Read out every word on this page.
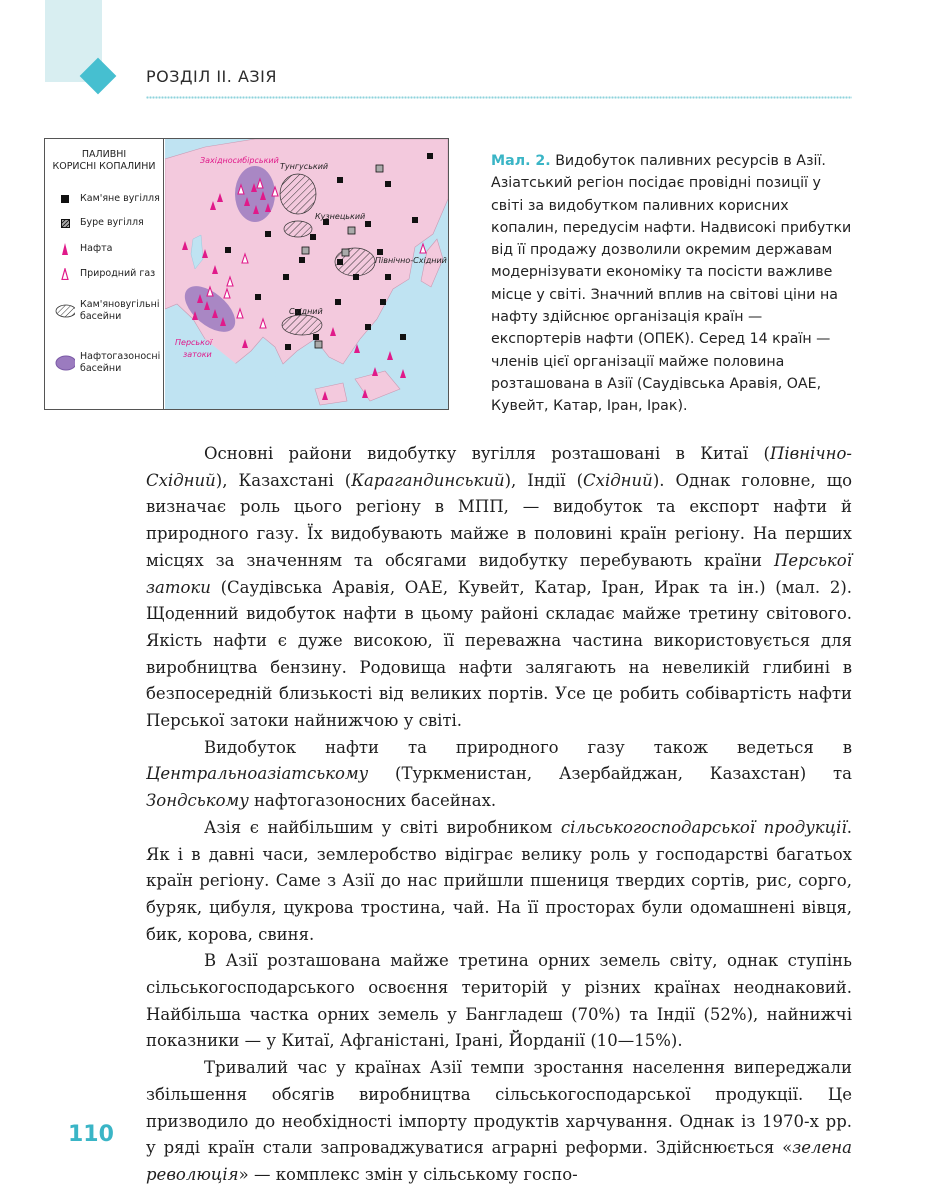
РОЗДІЛ ІІ. АЗІЯ
ПАЛИВНІ
КОРИСНІ КОПАЛИНИ
Кам'яне вугілля
Буре вугілля
Нафта
Природний газ
Кам'яновугільні
басейни
Нафтогазоносні
басейни
Західносибірський
Тунгуський
Кузнецький
Північно-Східний
Східний
Перської
затоки
Мал. 2. Видобуток паливних ресурсів в Азії. Азіатський регіон посідає провідні позиції у світі за видобутком паливних корисних копалин, передусім нафти. Надвисокі прибутки від її продажу дозволили окремим державам модернізувати економіку та посісти важливе місце у світі. Значний вплив на світові ціни на нафту здійснює організація країн — експортерів нафти (ОПЕК). Серед 14 країн — членів цієї організації майже половина розташована в Азії (Саудівська Аравія, ОАЕ, Кувейт, Катар, Іран, Ірак).

Основні райони видобутку вугілля розташовані в Китаї (Північно-Східний), Казахстані (Карагандинський), Індії (Східний). Однак головне, що визначає роль цього регіону в МПП, — видобуток та експорт нафти й природного газу. Їх видобувають майже в половині країн регіону. На перших місцях за значенням та обсягами видобутку перебувають країни Перської затоки (Саудівська Аравія, ОАЕ, Кувейт, Катар, Іран, Ирак та ін.) (мал. 2). Щоденний видобуток нафти в цьому районі складає майже третину світового. Якість нафти є дуже високою, її переважна частина використовується для виробництва бензину. Родовища нафти залягають на невеликій глибині в безпосередній близькості від великих портів. Усе це робить собівартість нафти Перської затоки найнижчою у світі.

Видобуток нафти та природного газу також ведеться в Центральноазіатському (Туркменистан, Азербайджан, Казахстан) та Зондському нафтогазоносних басейнах.

Азія є найбільшим у світі виробником сільськогосподарської продукції. Як і в давні часи, землеробство відіграє велику роль у господарстві багатьох країн регіону. Саме з Азії до нас прийшли пшениця твердих сортів, рис, сорго, буряк, цибуля, цукрова тростина, чай. На її просторах були одомашнені вівця, бик, корова, свиня.

В Азії розташована майже третина орних земель світу, однак ступінь сільськогосподарського освоєння територій у різних країнах неоднаковий. Найбільша частка орних земель у Бангладеш (70%) та Індії (52%), найнижчі показники — у Китаї, Афганістані, Ірані, Йорданії (10—15%).

Тривалий час у країнах Азії темпи зростання населення випереджали збільшення обсягів виробництва сільськогосподарської продукції. Це призводило до необхідності імпорту продуктів харчування. Однак із 1970-х рр. у ряді країн стали запроваджуватися аграрні реформи. Здійснюється «зелена революція» — комплекс змін у сільському госпо-

110
